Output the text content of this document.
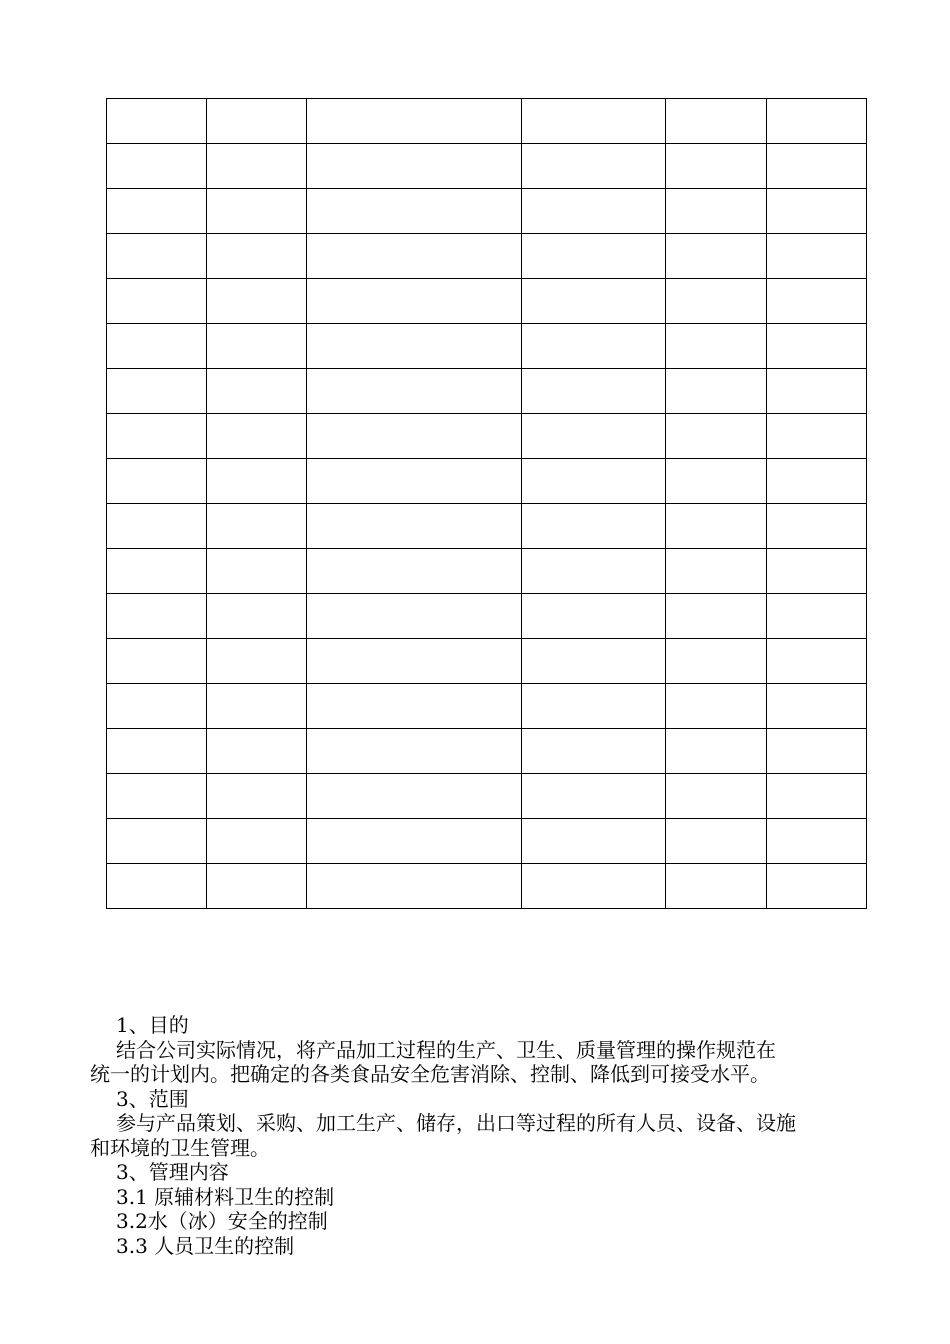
1、目的

结合公司实际情况，将产品加工过程的生产、卫生、质量管理的操作规范在

统一的计划内。把确定的各类食品安全危害消除、控制、降低到可接受水平。

3、范围

参与产品策划、采购、加工生产、储存，出口等过程的所有人员、设备、设施

和环境的卫生管理。

3、管理内容

3.1 原辅材料卫生的控制

3.2水（冰）安全的控制

3.3 人员卫生的控制
